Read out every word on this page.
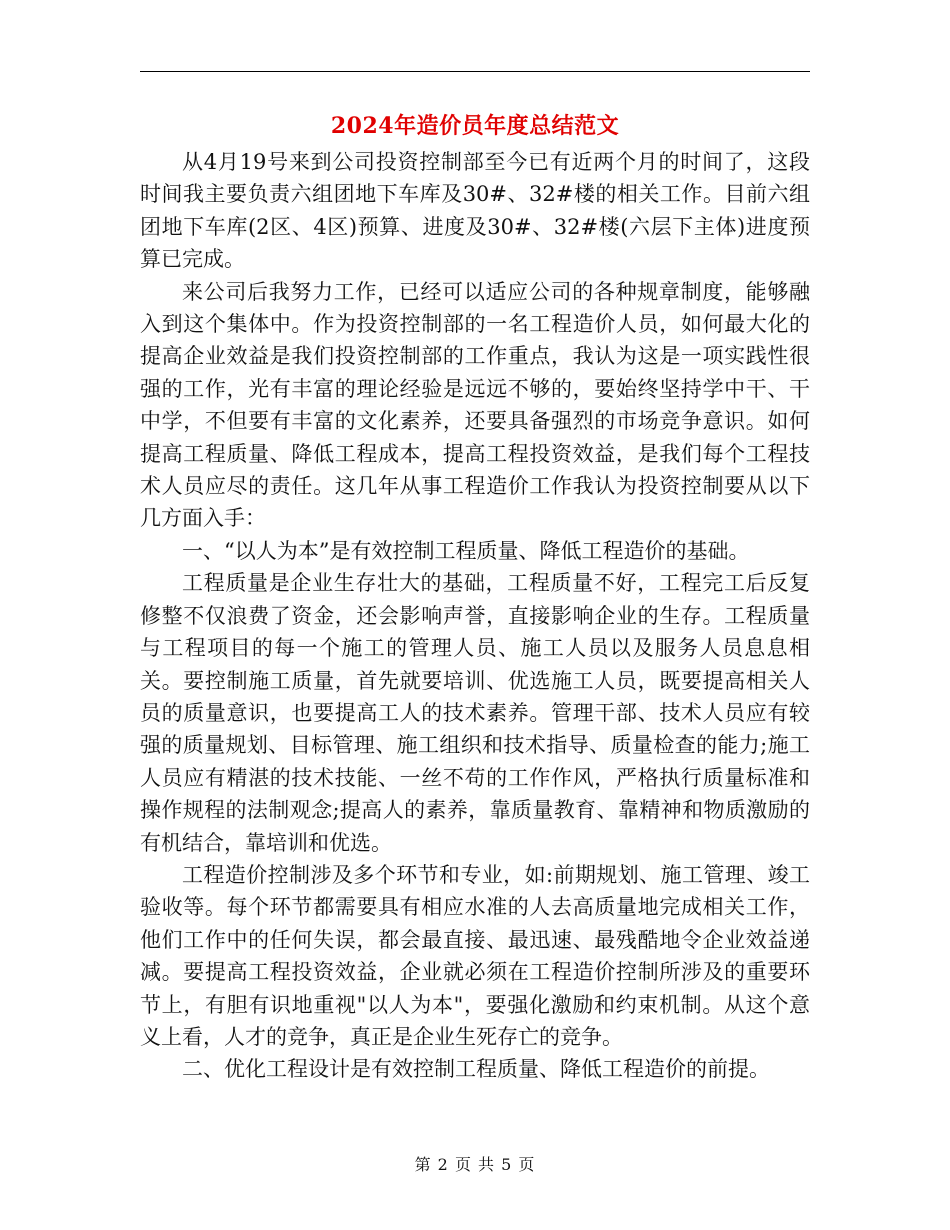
2024年造价员年度总结范文

从4月19号来到公司投资控制部至今已有近两个月的时间了，这段时间我主要负责六组团地下车库及30#、32#楼的相关工作。目前六组团地下车库(2区、4区)预算、进度及30#、32#楼(六层下主体)进度预算已完成。

来公司后我努力工作，已经可以适应公司的各种规章制度，能够融入到这个集体中。作为投资控制部的一名工程造价人员，如何最大化的提高企业效益是我们投资控制部的工作重点，我认为这是一项实践性很强的工作，光有丰富的理论经验是远远不够的，要始终坚持学中干、干中学，不但要有丰富的文化素养，还要具备强烈的市场竞争意识。如何提高工程质量、降低工程成本，提高工程投资效益，是我们每个工程技术人员应尽的责任。这几年从事工程造价工作我认为投资控制要从以下几方面入手：

一、“以人为本”是有效控制工程质量、降低工程造价的基础。

工程质量是企业生存壮大的基础，工程质量不好，工程完工后反复修整不仅浪费了资金，还会影响声誉，直接影响企业的生存。工程质量与工程项目的每一个施工的管理人员、施工人员以及服务人员息息相关。要控制施工质量，首先就要培训、优选施工人员，既要提高相关人员的质量意识，也要提高工人的技术素养。管理干部、技术人员应有较强的质量规划、目标管理、施工组织和技术指导、质量检查的能力;施工人员应有精湛的技术技能、一丝不苟的工作作风，严格执行质量标准和操作规程的法制观念;提高人的素养，靠质量教育、靠精神和物质激励的有机结合，靠培训和优选。

工程造价控制涉及多个环节和专业，如:前期规划、施工管理、竣工验收等。每个环节都需要具有相应水准的人去高质量地完成相关工作，他们工作中的任何失误，都会最直接、最迅速、最残酷地令企业效益递减。要提高工程投资效益，企业就必须在工程造价控制所涉及的重要环节上，有胆有识地重视"以人为本"，要强化激励和约束机制。从这个意义上看，人才的竞争，真正是企业生死存亡的竞争。

二、优化工程设计是有效控制工程质量、降低工程造价的前提。

第 2 页 共 5 页
